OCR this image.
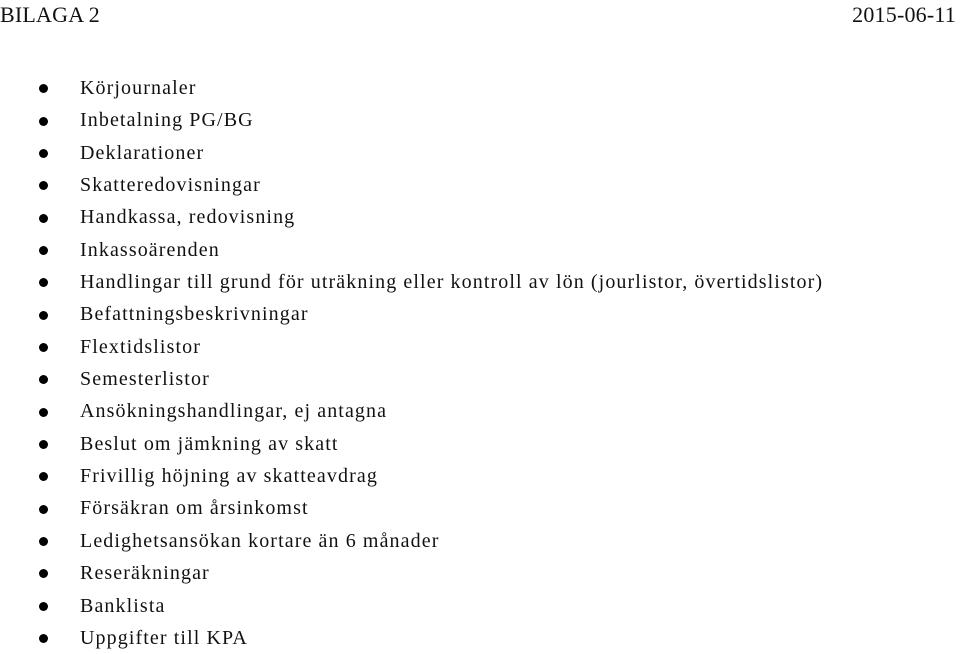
BILAGA 2	2015-06-11
Körjournaler
Inbetalning PG/BG
Deklarationer
Skatteredovisningar
Handkassa, redovisning
Inkassoärenden
Handlingar till grund för uträkning eller kontroll av lön (jourlistor, övertidslistor)
Befattningsbeskrivningar
Flextidslistor
Semesterlistor
Ansökningshandlingar, ej antagna
Beslut om jämkning av skatt
Frivillig höjning av skatteavdrag
Försäkran om årsinkomst
Ledighetsansökan kortare än 6 månader
Reseräkningar
Banklista
Uppgifter till KPA
